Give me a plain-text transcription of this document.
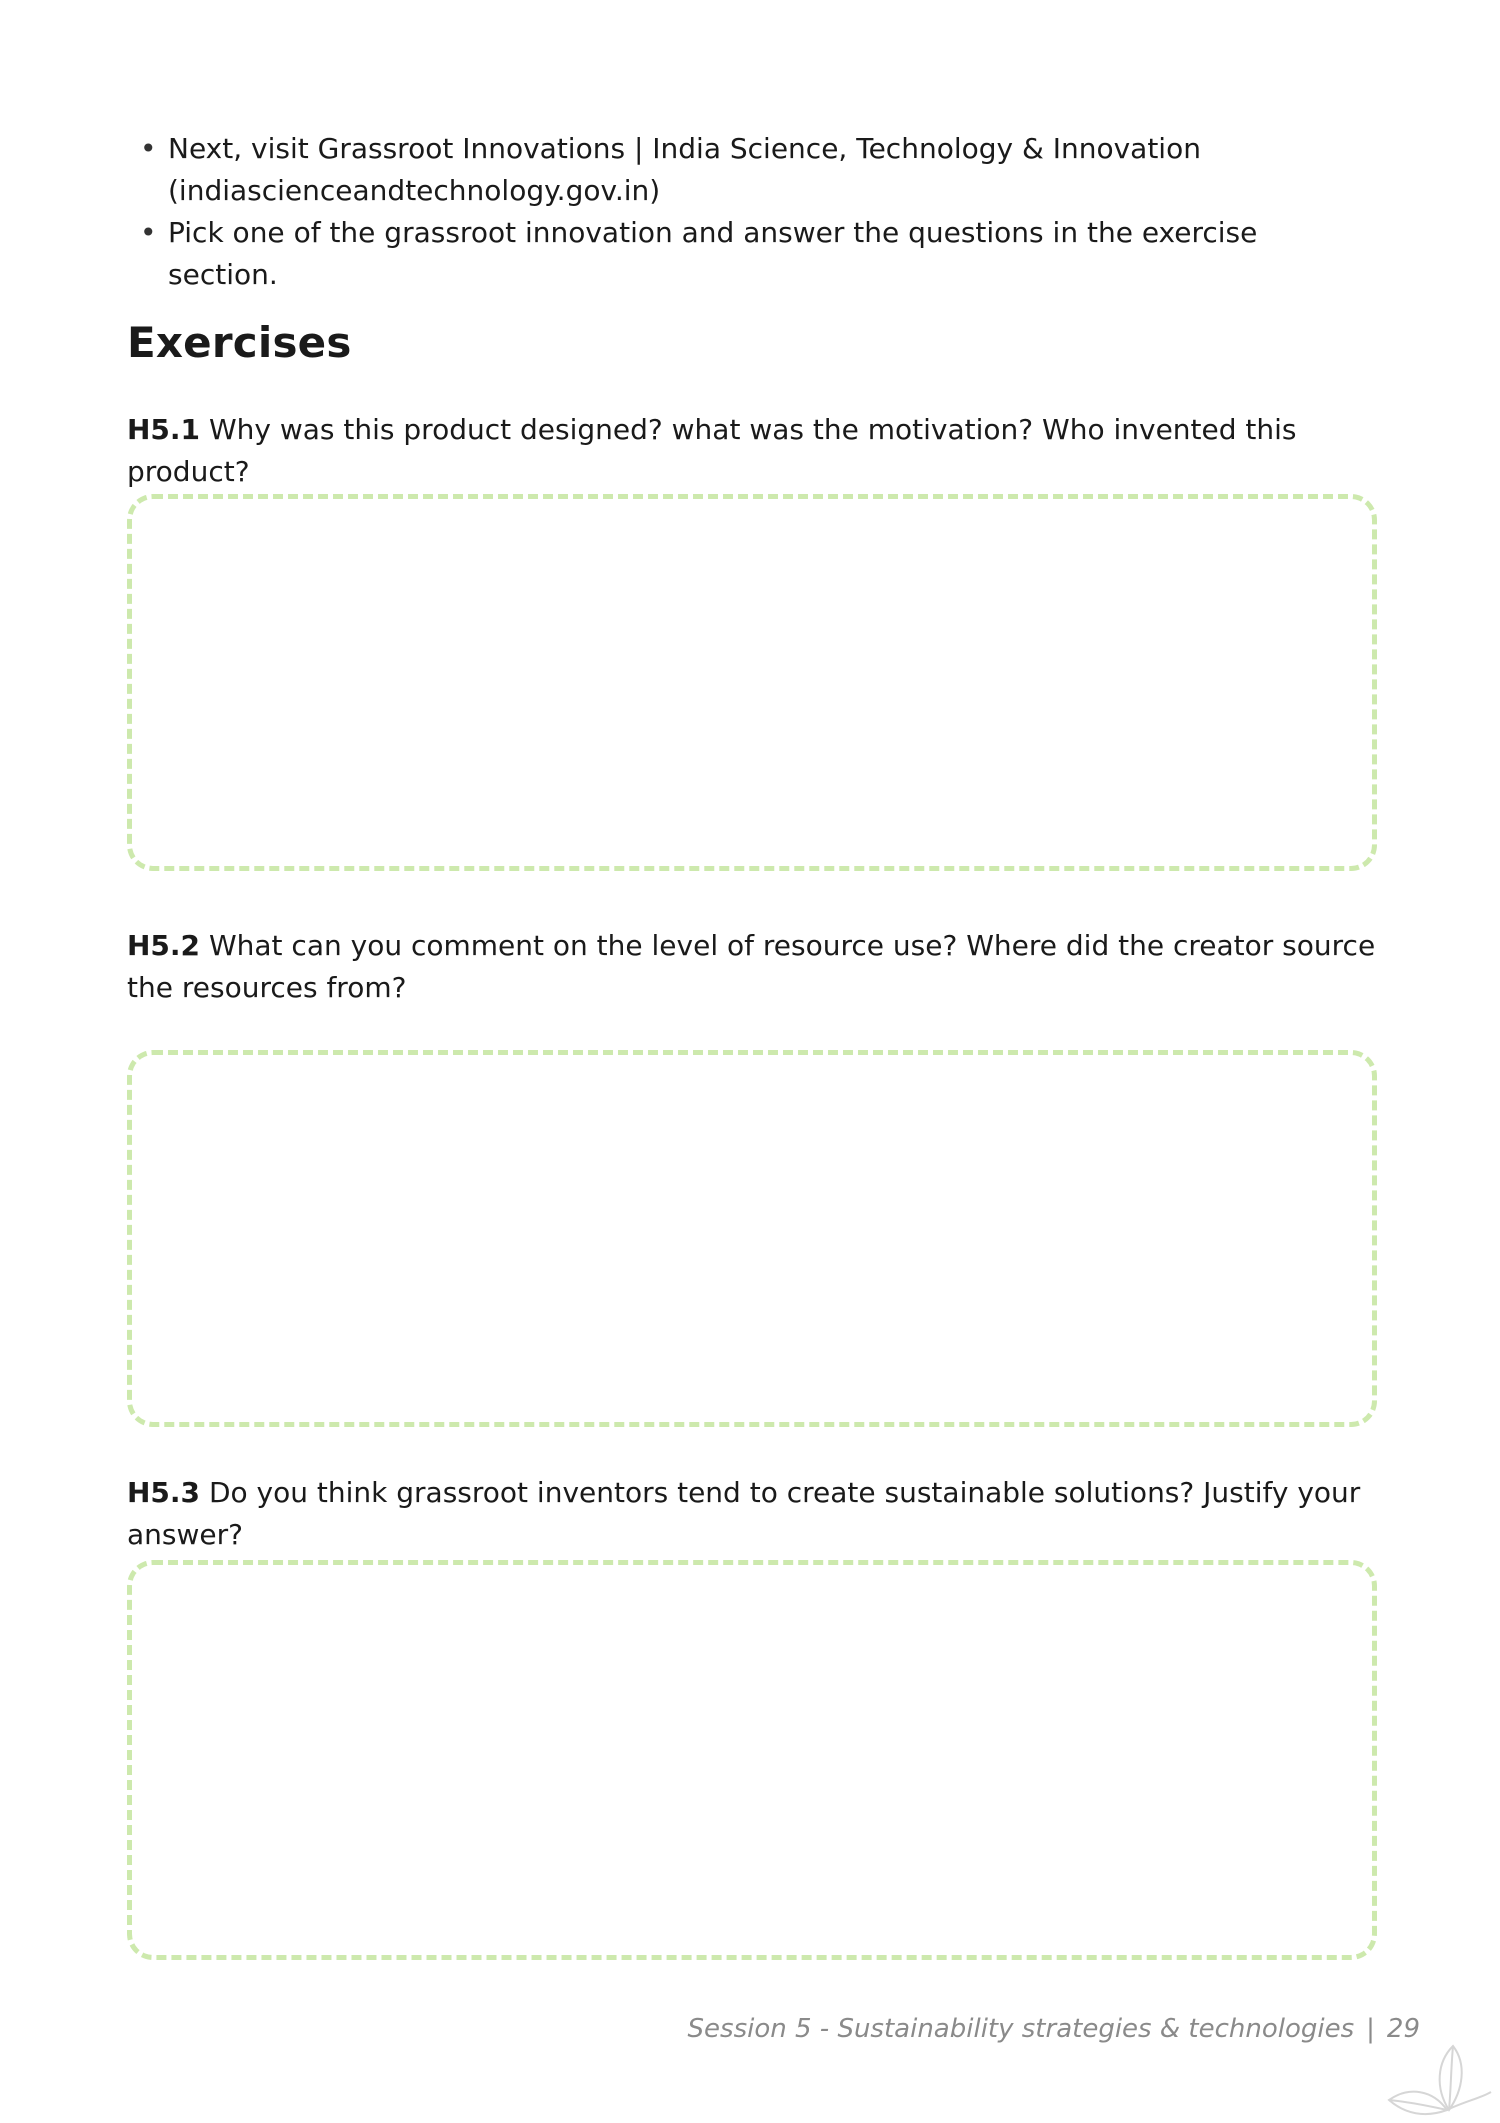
• Next, visit Grassroot Innovations | India Science, Technology & Innovation (indiascienceandtechnology.gov.in)
• Pick one of the grassroot innovation and answer the questions in the exercise section.
Exercises

H5.1 Why was this product designed? what was the motivation? Who invented this product?

H5.2 What can you comment on the level of resource use? Where did the creator source the resources from?

H5.3 Do you think grassroot inventors tend to create sustainable solutions? Justify your answer?

Session 5 - Sustainability strategies & technologies | 29
